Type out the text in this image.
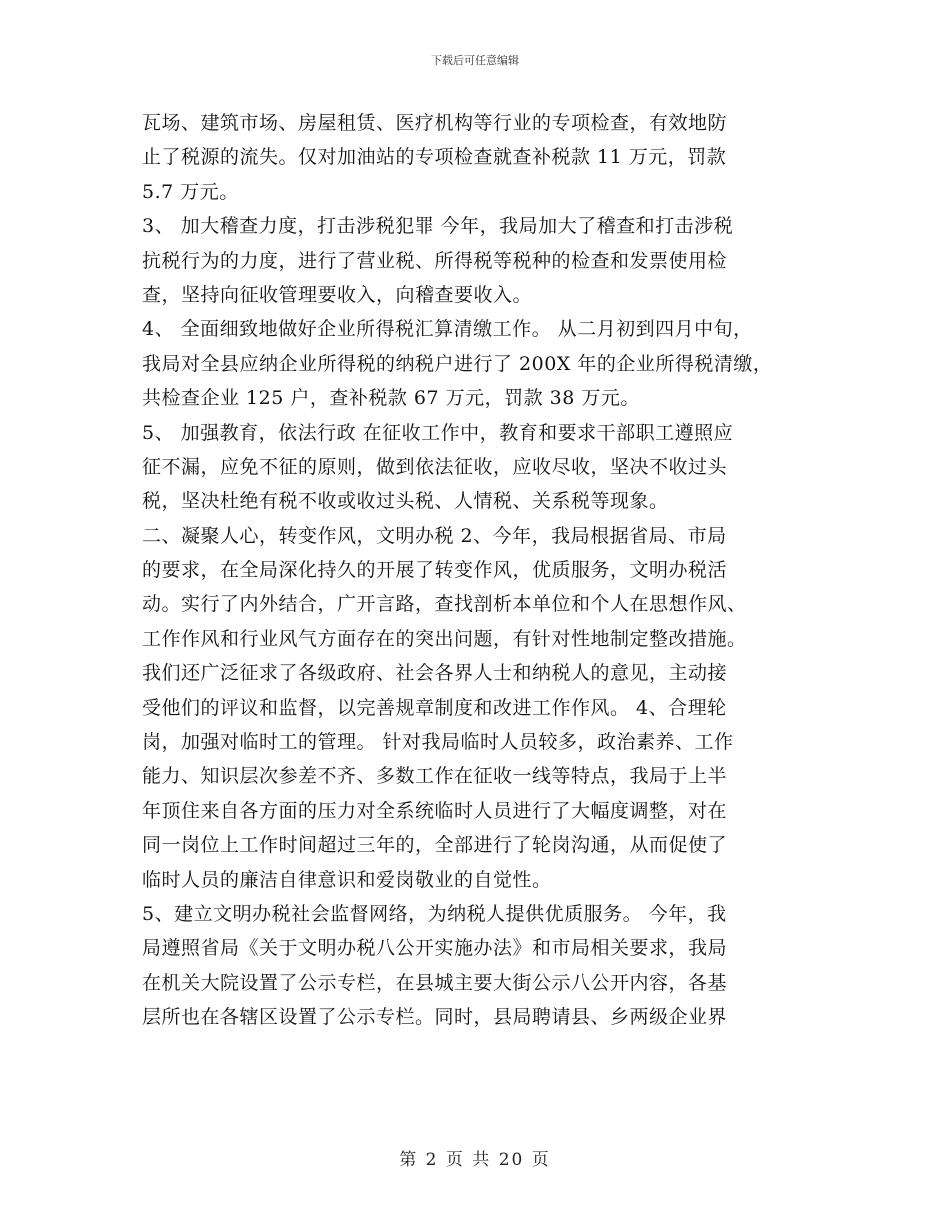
下载后可任意编辑
瓦场、建筑市场、房屋租赁、医疗机构等行业的专项检查，有效地防
止了税源的流失。仅对加油站的专项检查就查补税款 11 万元，罚款
5.7 万元。
3、 加大稽查力度，打击涉税犯罪 今年，我局加大了稽查和打击涉税
抗税行为的力度，进行了营业税、所得税等税种的检查和发票使用检
查，坚持向征收管理要收入，向稽查要收入。
4、 全面细致地做好企业所得税汇算清缴工作。 从二月初到四月中旬，
我局对全县应纳企业所得税的纳税户进行了 200X 年的企业所得税清缴，
共检查企业 125 户，查补税款 67 万元，罚款 38 万元。
5、 加强教育，依法行政 在征收工作中，教育和要求干部职工遵照应
征不漏，应免不征的原则，做到依法征收，应收尽收，坚决不收过头
税，坚决杜绝有税不收或收过头税、人情税、关系税等现象。
二、凝聚人心，转变作风，文明办税 2、今年，我局根据省局、市局
的要求，在全局深化持久的开展了转变作风，优质服务，文明办税活
动。实行了内外结合，广开言路，查找剖析本单位和个人在思想作风、
工作作风和行业风气方面存在的突出问题，有针对性地制定整改措施。
我们还广泛征求了各级政府、社会各界人士和纳税人的意见，主动接
受他们的评议和监督，以完善规章制度和改进工作作风。 4、合理轮
岗，加强对临时工的管理。 针对我局临时人员较多，政治素养、工作
能力、知识层次参差不齐、多数工作在征收一线等特点，我局于上半
年顶住来自各方面的压力对全系统临时人员进行了大幅度调整，对在
同一岗位上工作时间超过三年的，全部进行了轮岗沟通，从而促使了
临时人员的廉洁自律意识和爱岗敬业的自觉性。
5、建立文明办税社会监督网络，为纳税人提供优质服务。 今年，我
局遵照省局《关于文明办税八公开实施办法》和市局相关要求，我局
在机关大院设置了公示专栏，在县城主要大街公示八公开内容，各基
层所也在各辖区设置了公示专栏。同时，县局聘请县、乡两级企业界
第 2 页 共 20 页
